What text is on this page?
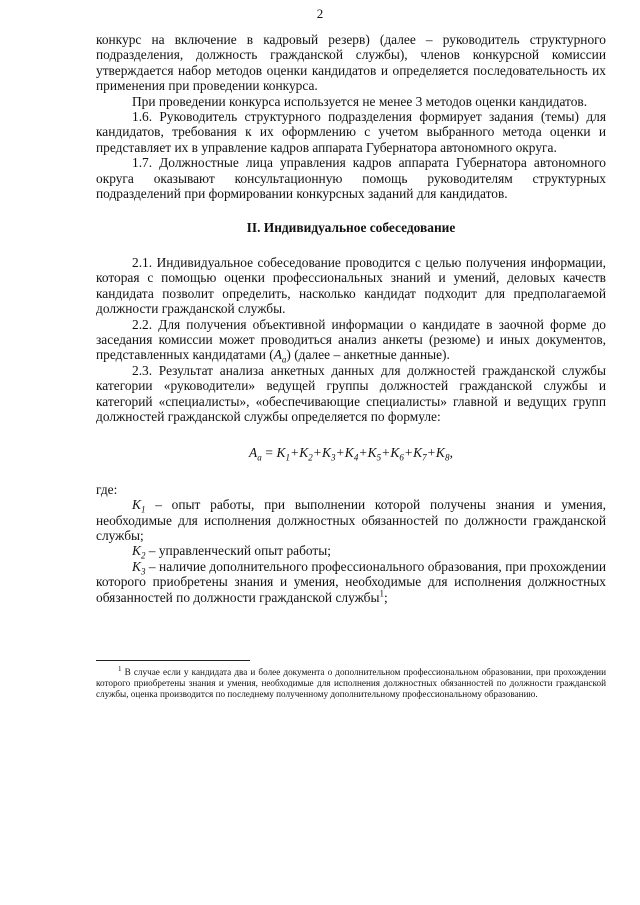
2

конкурс на включение в кадровый резерв) (далее – руководитель структурного подразделения, должность гражданской службы), членов конкурсной комиссии утверждается набор методов оценки кандидатов и определяется последовательность их применения при проведении конкурса.

При проведении конкурса используется не менее 3 методов оценки кандидатов.

1.6. Руководитель структурного подразделения формирует задания (темы) для кандидатов, требования к их оформлению с учетом выбранного метода оценки и представляет их в управление кадров аппарата Губернатора автономного округа.

1.7. Должностные лица управления кадров аппарата Губернатора автономного округа оказывают консультационную помощь руководителям структурных подразделений при формировании конкурсных заданий для кандидатов.

II. Индивидуальное собеседование

2.1. Индивидуальное собеседование проводится с целью получения информации, которая с помощью оценки профессиональных знаний и умений, деловых качеств кандидата позволит определить, насколько кандидат подходит для предполагаемой должности гражданской службы.

2.2. Для получения объективной информации о кандидате в заочной форме до заседания комиссии может проводиться анализ анкеты (резюме) и иных документов, представленных кандидатами $(A_a)$ (далее – анкетные данные).

2.3. Результат анализа анкетных данных для должностей гражданской службы категории «руководители» ведущей группы должностей гражданской службы и категорий «специалисты», «обеспечивающие специалисты» главной и ведущих групп должностей гражданской службы определяется по формуле:

$A_a = K_1+K_2+K_3+K_4+K_5+K_6+K_7+K_8$,

где:

$K_1$ – опыт работы, при выполнении которой получены знания и умения, необходимые для исполнения должностных обязанностей по должности гражданской службы;

$K_2$ – управленческий опыт работы;

$K_3$ – наличие дополнительного профессионального образования, при прохождении которого приобретены знания и умения, необходимые для исполнения должностных обязанностей по должности гражданской службы$^1$;

$^1$ В случае если у кандидата два и более документа о дополнительном профессиональном образовании, при прохождении которого приобретены знания и умения, необходимые для исполнения должностных обязанностей по должности гражданской службы, оценка производится по последнему полученному дополнительному профессиональному образованию.
